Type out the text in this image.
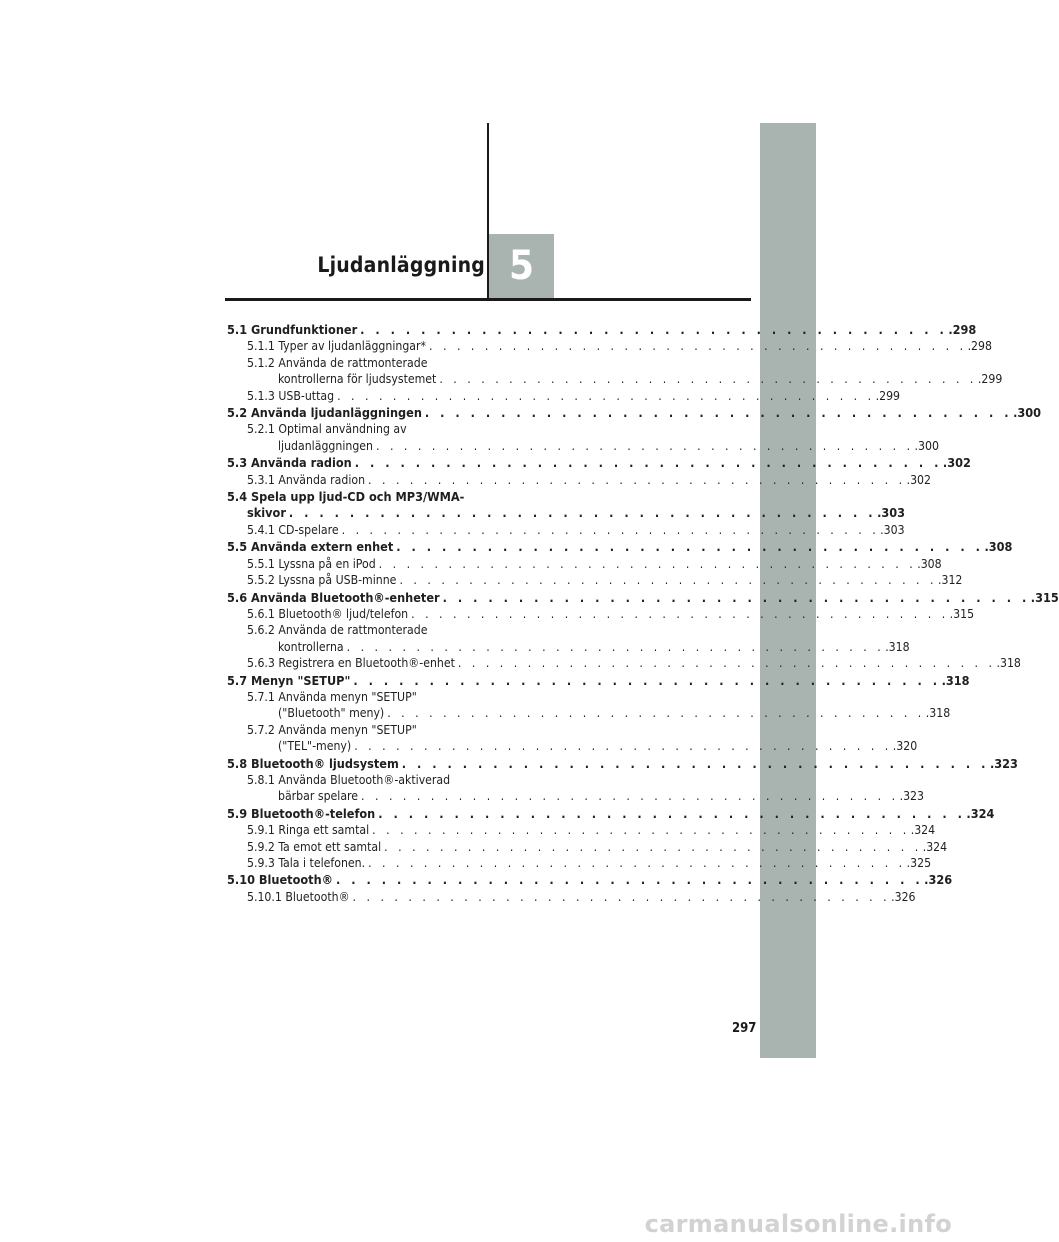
Ljudanläggning 5
5.1 Grundfunktioner . . . . . . . . . . . . . . . . . . . . . . . . . . . . . . . . . . . . . . . .298
5.1.1 Typer av ljudanläggningar* . . . . . . . . . . . . . . . . . . . . . . . . . . . . . . . . . . . . . . . .298
5.1.2 Använda de rattmonterade
kontrollerna för ljudsystemet . . . . . . . . . . . . . . . . . . . . . . . . . . . . . . . . . . . . . . . .299
5.1.3 USB-uttag . . . . . . . . . . . . . . . . . . . . . . . . . . . . . . . . . . . . . . . .299
5.2 Använda ljudanläggningen . . . . . . . . . . . . . . . . . . . . . . . . . . . . . . . . . . . . . . . .300
5.2.1 Optimal användning av
ljudanläggningen . . . . . . . . . . . . . . . . . . . . . . . . . . . . . . . . . . . . . . . .300
5.3 Använda radion . . . . . . . . . . . . . . . . . . . . . . . . . . . . . . . . . . . . . . . .302
5.3.1 Använda radion . . . . . . . . . . . . . . . . . . . . . . . . . . . . . . . . . . . . . . . .302
5.4 Spela upp ljud-CD och MP3/WMA-
skivor . . . . . . . . . . . . . . . . . . . . . . . . . . . . . . . . . . . . . . . .303
5.4.1 CD-spelare . . . . . . . . . . . . . . . . . . . . . . . . . . . . . . . . . . . . . . . .303
5.5 Använda extern enhet . . . . . . . . . . . . . . . . . . . . . . . . . . . . . . . . . . . . . . . .308
5.5.1 Lyssna på en iPod . . . . . . . . . . . . . . . . . . . . . . . . . . . . . . . . . . . . . . . .308
5.5.2 Lyssna på USB-minne . . . . . . . . . . . . . . . . . . . . . . . . . . . . . . . . . . . . . . . .312
5.6 Använda Bluetooth®-enheter . . . . . . . . . . . . . . . . . . . . . . . . . . . . . . . . . . . . . . . .315
5.6.1 Bluetooth® ljud/telefon . . . . . . . . . . . . . . . . . . . . . . . . . . . . . . . . . . . . . . . .315
5.6.2 Använda de rattmonterade
kontrollerna . . . . . . . . . . . . . . . . . . . . . . . . . . . . . . . . . . . . . . . .318
5.6.3 Registrera en Bluetooth®-enhet . . . . . . . . . . . . . . . . . . . . . . . . . . . . . . . . . . . . . . . .318
5.7 Menyn "SETUP" . . . . . . . . . . . . . . . . . . . . . . . . . . . . . . . . . . . . . . . .318
5.7.1 Använda menyn "SETUP"
("Bluetooth" meny) . . . . . . . . . . . . . . . . . . . . . . . . . . . . . . . . . . . . . . . .318
5.7.2 Använda menyn "SETUP"
("TEL"-meny) . . . . . . . . . . . . . . . . . . . . . . . . . . . . . . . . . . . . . . . .320
5.8 Bluetooth® ljudsystem . . . . . . . . . . . . . . . . . . . . . . . . . . . . . . . . . . . . . . . .323
5.8.1 Använda Bluetooth®-aktiverad
bärbar spelare . . . . . . . . . . . . . . . . . . . . . . . . . . . . . . . . . . . . . . . .323
5.9 Bluetooth®-telefon . . . . . . . . . . . . . . . . . . . . . . . . . . . . . . . . . . . . . . . .324
5.9.1 Ringa ett samtal . . . . . . . . . . . . . . . . . . . . . . . . . . . . . . . . . . . . . . . .324
5.9.2 Ta emot ett samtal . . . . . . . . . . . . . . . . . . . . . . . . . . . . . . . . . . . . . . . .324
5.9.3 Tala i telefonen. . . . . . . . . . . . . . . . . . . . . . . . . . . . . . . . . . . . . . . . .325
5.10 Bluetooth® . . . . . . . . . . . . . . . . . . . . . . . . . . . . . . . . . . . . . . . .326
5.10.1 Bluetooth® . . . . . . . . . . . . . . . . . . . . . . . . . . . . . . . . . . . . . . . .326
297
carmanualsonline.info
